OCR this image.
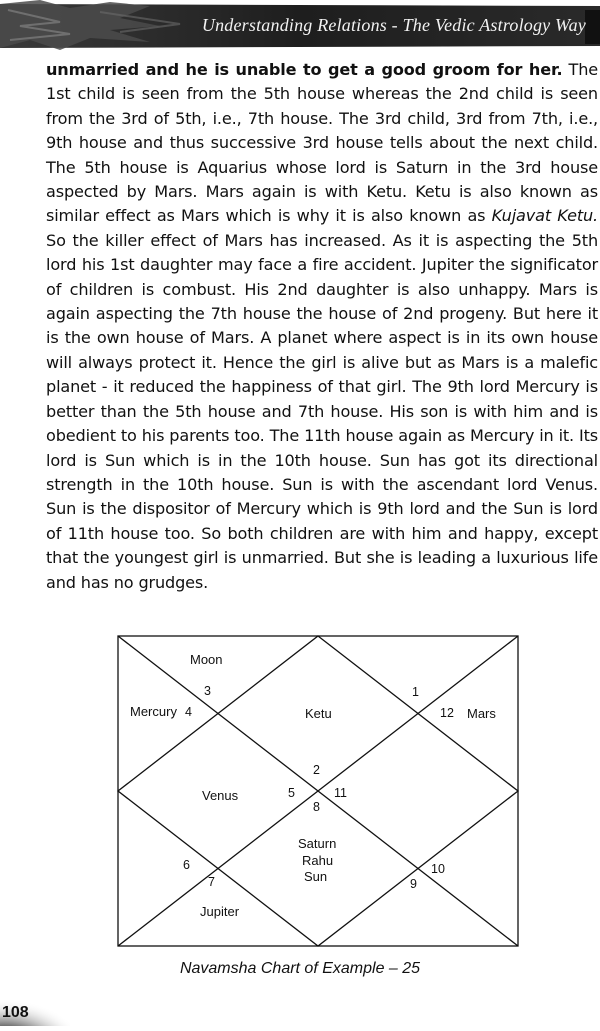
Understanding Relations - The Vedic Astrology Way

unmarried and he is unable to get a good groom for her. The 1st child is seen from the 5th house whereas the 2nd child is seen from the 3rd of 5th, i.e., 7th house. The 3rd child, 3rd from 7th, i.e., 9th house and thus successive 3rd house tells about the next child. The 5th house is Aquarius whose lord is Saturn in the 3rd house aspected by Mars. Mars again is with Ketu. Ketu is also known as similar effect as Mars which is why it is also known as Kujavat Ketu. So the killer effect of Mars has increased. As it is aspecting the 5th lord his 1st daughter may face a fire accident. Jupiter the significator of children is combust. His 2nd daughter is also unhappy. Mars is again aspecting the 7th house the house of 2nd progeny. But here it is the own house of Mars. A planet where aspect is in its own house will always protect it. Hence the girl is alive but as Mars is a malefic planet - it reduced the happiness of that girl. The 9th lord Mercury is better than the 5th house and 7th house. His son is with him and is obedient to his parents too. The 11th house again as Mercury in it. Its lord is Sun which is in the 10th house. Sun has got its directional strength in the 10th house. Sun is with the ascendant lord Venus. Sun is the dispositor of Mercury which is 9th lord and the Sun is lord of 11th house too. So both children are with him and happy, except that the youngest girl is unmarried. But she is leading a luxurious life and has no grudges.

Moon
Mercury	Ketu	Mars
Venus
Saturn
Rahu
Sun
Jupiter
1
2
3
4
5
6
7
8
9
10
11
12
Navamsha Chart of Example – 25
108
